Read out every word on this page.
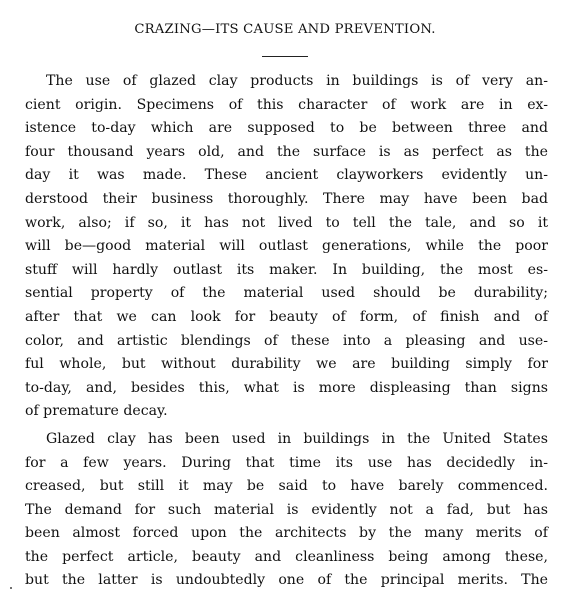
CRAZING—ITS CAUSE AND PREVENTION.
The use of glazed clay products in buildings is of very an-
cient origin. Specimens of this character of work are in ex-
istence to-day which are supposed to be between three and
four thousand years old, and the surface is as perfect as the
day it was made. These ancient clayworkers evidently un-
derstood their business thoroughly. There may have been bad
work, also; if so, it has not lived to tell the tale, and so it
will be—good material will outlast generations, while the poor
stuff will hardly outlast its maker. In building, the most es-
sential property of the material used should be durability;
after that we can look for beauty of form, of finish and of
color, and artistic blendings of these into a pleasing and use-
ful whole, but without durability we are building simply for
to-day, and, besides this, what is more displeasing than signs
of premature decay.
Glazed clay has been used in buildings in the United States
for a few years. During that time its use has decidedly in-
creased, but still it may be said to have barely commenced.
The demand for such material is evidently not a fad, but has
been almost forced upon the architects by the many merits of
the perfect article, beauty and cleanliness being among these,
but the latter is undoubtedly one of the principal merits. The
